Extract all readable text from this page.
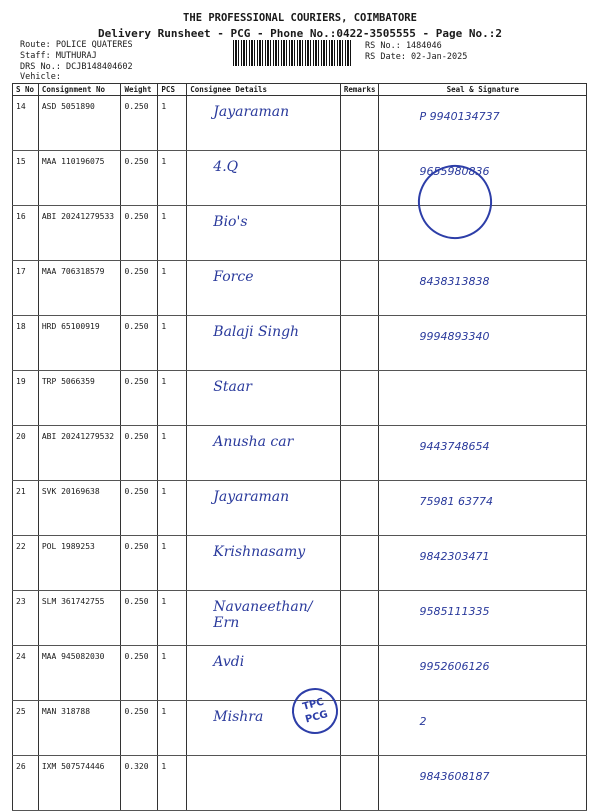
THE PROFESSIONAL COURIERS, COIMBATORE
Delivery Runsheet - PCG - Phone No.:0422-3505555 - Page No.:2
Route: POLICE QUATERES
Staff: MUTHURAJ
DRS No.: DCJB148404602
Vehicle:
RS No.: 1484046
RS Date: 02-Jan-2025
S No	Consignment No	Weight	PCS	Consignee Details	Remarks	Seal & Signature
14	ASD 5051890	0.250	1	Jayaraman		P 9940134737
15	MAA 110196075	0.250	1	4.Q		9655980836
16	ABI 20241279533	0.250	1	Bio's		
17	MAA 706318579	0.250	1	Force		8438313838
18	HRD 65100919	0.250	1	Balaji Singh		9994893340
19	TRP 5066359	0.250	1	Staar		
20	ABI 20241279532	0.250	1	Anusha car		9443748654
21	SVK 20169638	0.250	1	Jayaraman		75981 63774
22	POL 1989253	0.250	1	Krishnasamy		9842303471
23	SLM 361742755	0.250	1	Navaneethan/ Ern		9585111335
24	MAA 945082030	0.250	1	Avdi		9952606126
25	MAN 318788	0.250	1	Mishra		2
26	IXM 507574446	0.320	1			9843608187
TPC
PCG
